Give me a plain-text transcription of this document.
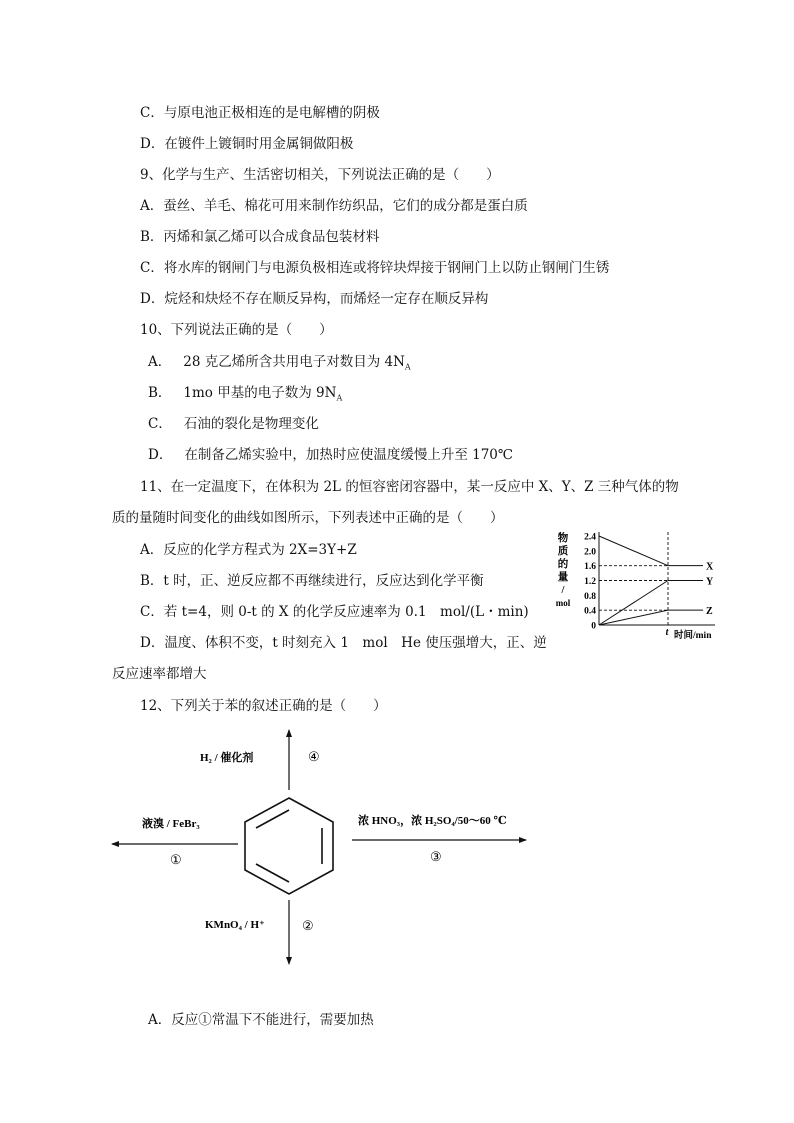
C．与原电池正极相连的是电解槽的阴极
D．在镀件上镀铜时用金属铜做阳极
9、化学与生产、生活密切相关，下列说法正确的是（　　）
A．蚕丝、羊毛、棉花可用来制作纺织品，它们的成分都是蛋白质
B．丙烯和氯乙烯可以合成食品包装材料
C．将水库的钢闸门与电源负极相连或将锌块焊接于钢闸门上以防止钢闸门生锈
D．烷烃和炔烃不存在顺反异构，而烯烃一定存在顺反异构
10、下列说法正确的是（　　）
A． 28 克乙烯所含共用电子对数目为 $4N_A$
B． 1mo 甲基的电子数为 $9N_A$
C． 石油的裂化是物理变化
D． 在制备乙烯实验中，加热时应使温度缓慢上升至 170℃
11、在一定温度下，在体积为 2L 的恒容密闭容器中，某一反应中 X、Y、Z 三种气体的物
质的量随时间变化的曲线如图所示，下列表述中正确的是（　　）
A．反应的化学方程式为 2X=3Y+Z
B．t 时，正、逆反应都不再继续进行，反应达到化学平衡
C．若 t=4，则 0-t 的 X 的化学反应速率为 0.1　mol/(L・min)
D．温度、体积不变，t 时刻充入 1　mol　He 使压强增大，正、逆
反应速率都增大
物
质
的
量
/
mol
2.4
2.0
1.6
1.2
0.8
0.4
0
X
Y
Z
t 时间/min
12、下列关于苯的叙述正确的是（　　）
H₂ / 催化剂	④
液溴 / FeBr₃
①
浓 HNO₃，浓 H₂SO₄/50～60 ℃
③
KMnO₄ / H⁺	②
A．反应①常温下不能进行，需要加热
